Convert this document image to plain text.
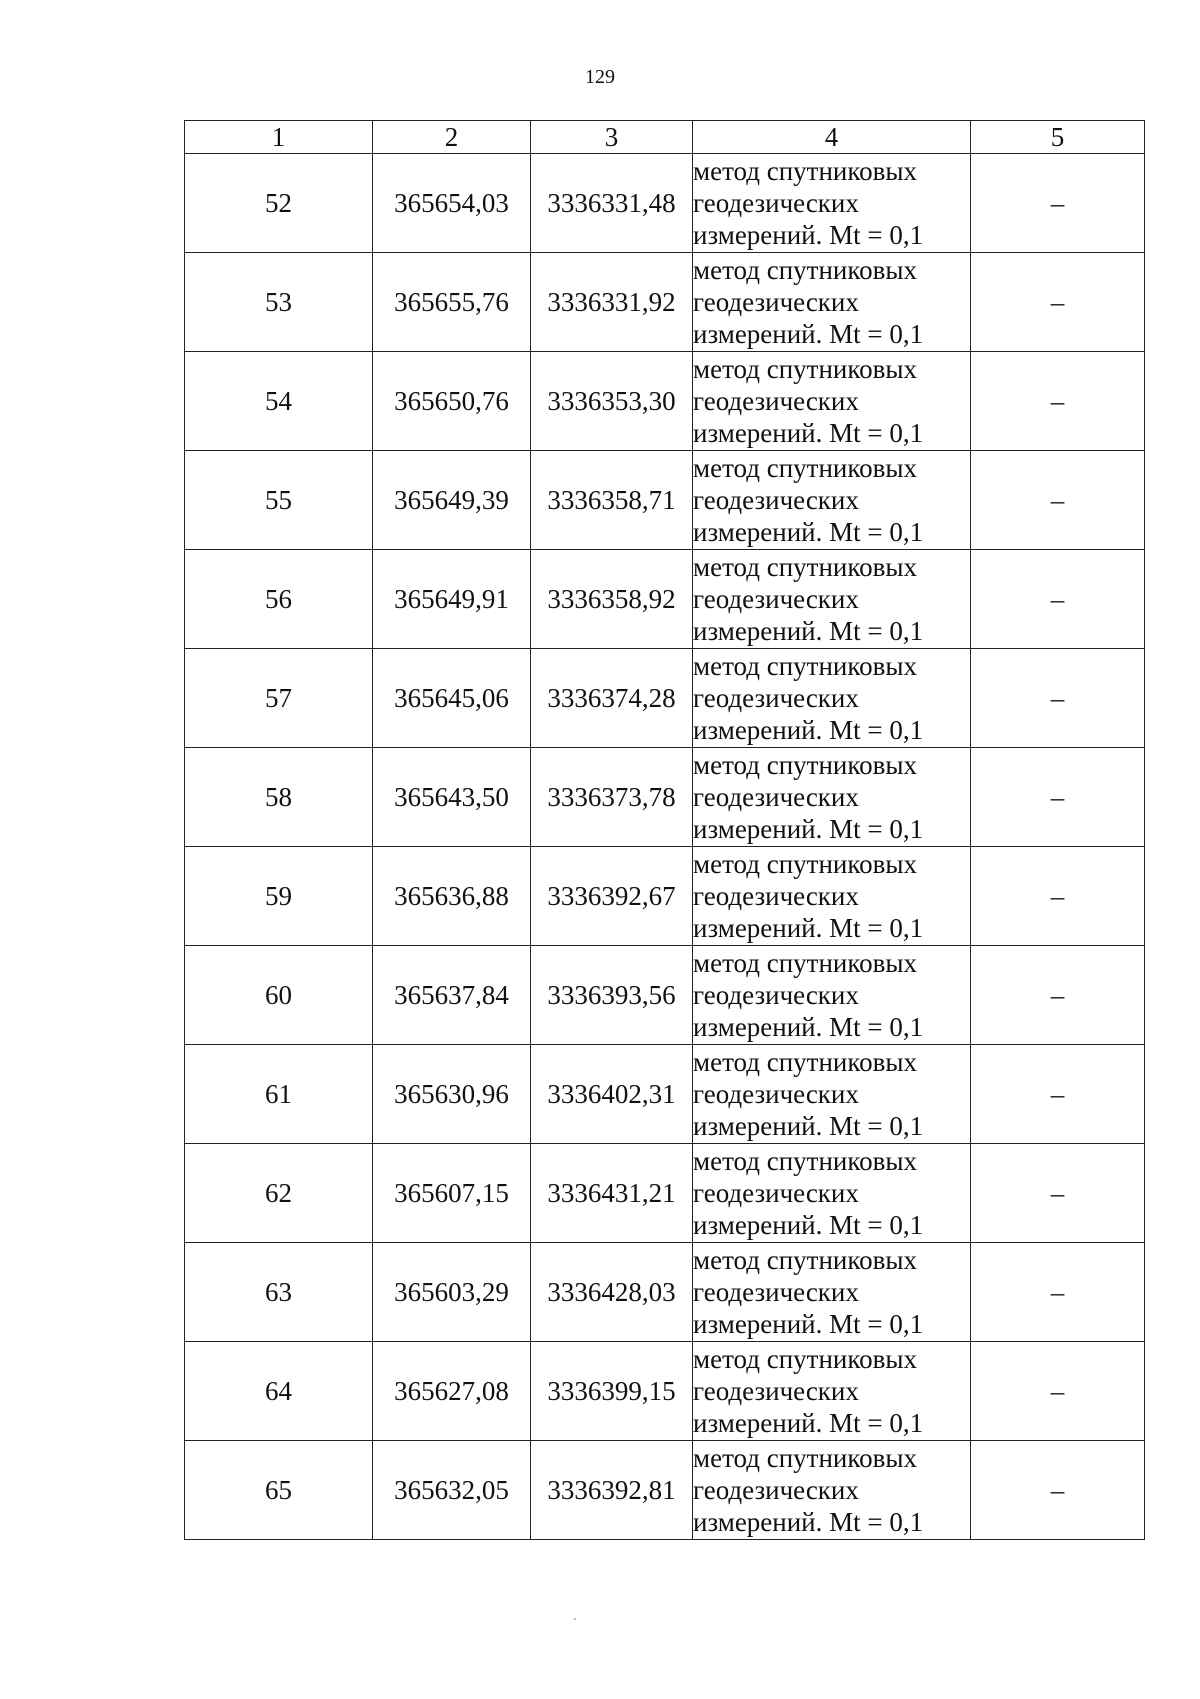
129
1	2	3	4	5
52	365654,03	3336331,48	метод спутниковых
геодезических
измерений. Mt = 0,1	–
53	365655,76	3336331,92	метод спутниковых
геодезических
измерений. Mt = 0,1	–
54	365650,76	3336353,30	метод спутниковых
геодезических
измерений. Mt = 0,1	–
55	365649,39	3336358,71	метод спутниковых
геодезических
измерений. Mt = 0,1	–
56	365649,91	3336358,92	метод спутниковых
геодезических
измерений. Mt = 0,1	–
57	365645,06	3336374,28	метод спутниковых
геодезических
измерений. Mt = 0,1	–
58	365643,50	3336373,78	метод спутниковых
геодезических
измерений. Mt = 0,1	–
59	365636,88	3336392,67	метод спутниковых
геодезических
измерений. Mt = 0,1	–
60	365637,84	3336393,56	метод спутниковых
геодезических
измерений. Mt = 0,1	–
61	365630,96	3336402,31	метод спутниковых
геодезических
измерений. Mt = 0,1	–
62	365607,15	3336431,21	метод спутниковых
геодезических
измерений. Mt = 0,1	–
63	365603,29	3336428,03	метод спутниковых
геодезических
измерений. Mt = 0,1	–
64	365627,08	3336399,15	метод спутниковых
геодезических
измерений. Mt = 0,1	–
65	365632,05	3336392,81	метод спутниковых
геодезических
измерений. Mt = 0,1	–
